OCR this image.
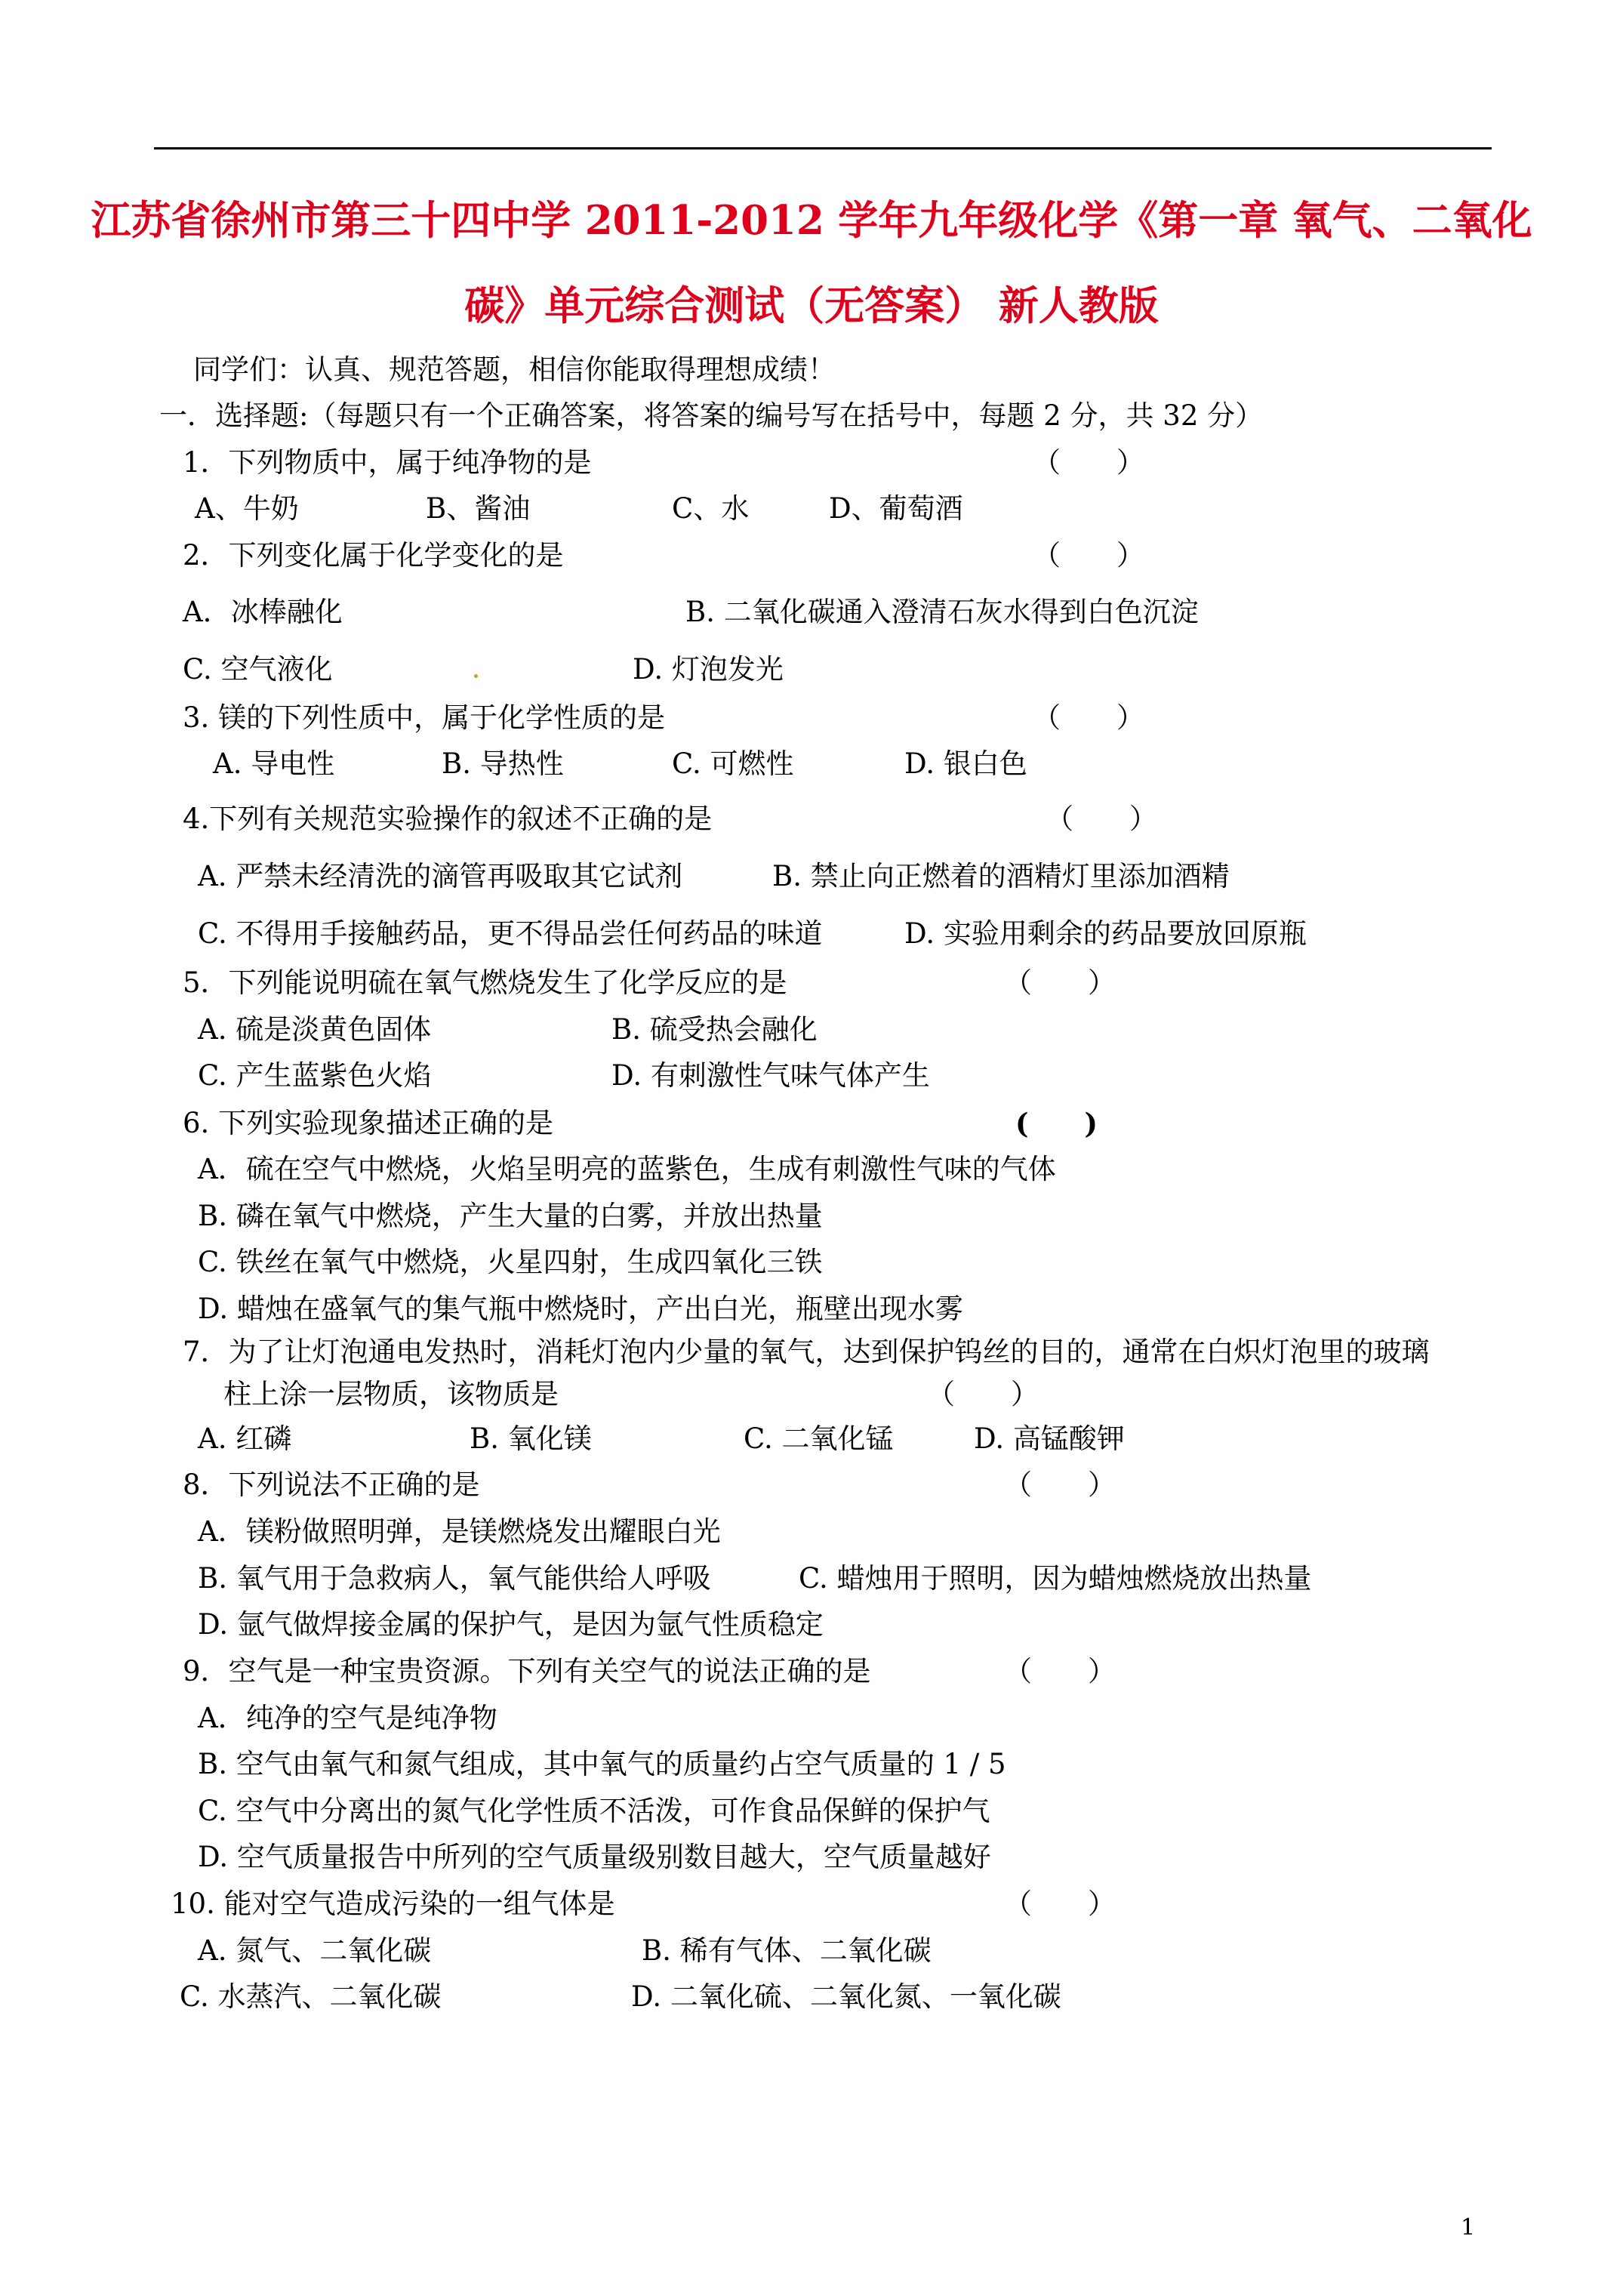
江苏省徐州市第三十四中学 2011-2012 学年九年级化学《第一章 氧气、二氧化
碳》单元综合测试（无答案） 新人教版
同学们：认真、规范答题，相信你能取得理想成绩！
一．选择题:（每题只有一个正确答案，将答案的编号写在括号中，每题 2 分，共 32 分）
1．下列物质中，属于纯净物的是	（　　）
A、牛奶	B、酱油	C、水	D、葡萄酒
2．下列变化属于化学变化的是	（　　）
A．冰棒融化	B. 二氧化碳通入澄清石灰水得到白色沉淀
C. 空气液化	D. 灯泡发光
3. 镁的下列性质中，属于化学性质的是	（　　）
A. 导电性	B. 导热性	C. 可燃性	D. 银白色
4.下列有关规范实验操作的叙述不正确的是	（　　）
A. 严禁未经清洗的滴管再吸取其它试剂	B. 禁止向正燃着的酒精灯里添加酒精
C. 不得用手接触药品，更不得品尝任何药品的味道	D. 实验用剩余的药品要放回原瓶
5．下列能说明硫在氧气燃烧发生了化学反应的是	（　　）
A. 硫是淡黄色固体	B. 硫受热会融化
C. 产生蓝紫色火焰	D. 有刺激性气味气体产生
6. 下列实验现象描述正确的是	(　　)
A．硫在空气中燃烧，火焰呈明亮的蓝紫色，生成有刺激性气味的气体
B. 磷在氧气中燃烧，产生大量的白雾，并放出热量
C. 铁丝在氧气中燃烧，火星四射，生成四氧化三铁
D. 蜡烛在盛氧气的集气瓶中燃烧时，产出白光，瓶壁出现水雾
7．为了让灯泡通电发热时，消耗灯泡内少量的氧气，达到保护钨丝的目的，通常在白炽灯泡里的玻璃
柱上涂一层物质，该物质是	（　　）
A. 红磷	B. 氧化镁	C. 二氧化锰	D. 高锰酸钾
8．下列说法不正确的是	（　　）
A．镁粉做照明弹，是镁燃烧发出耀眼白光
B. 氧气用于急救病人，氧气能供给人呼吸	C. 蜡烛用于照明，因为蜡烛燃烧放出热量
D. 氩气做焊接金属的保护气，是因为氩气性质稳定
9．空气是一种宝贵资源。下列有关空气的说法正确的是	（　　）
A．纯净的空气是纯净物
B. 空气由氧气和氮气组成，其中氧气的质量约占空气质量的 1 / 5
C. 空气中分离出的氮气化学性质不活泼，可作食品保鲜的保护气
D. 空气质量报告中所列的空气质量级别数目越大，空气质量越好
10. 能对空气造成污染的一组气体是	（　　）
A. 氮气、二氧化碳	B. 稀有气体、二氧化碳
C. 水蒸汽、二氧化碳	D. 二氧化硫、二氧化氮、一氧化碳
1
